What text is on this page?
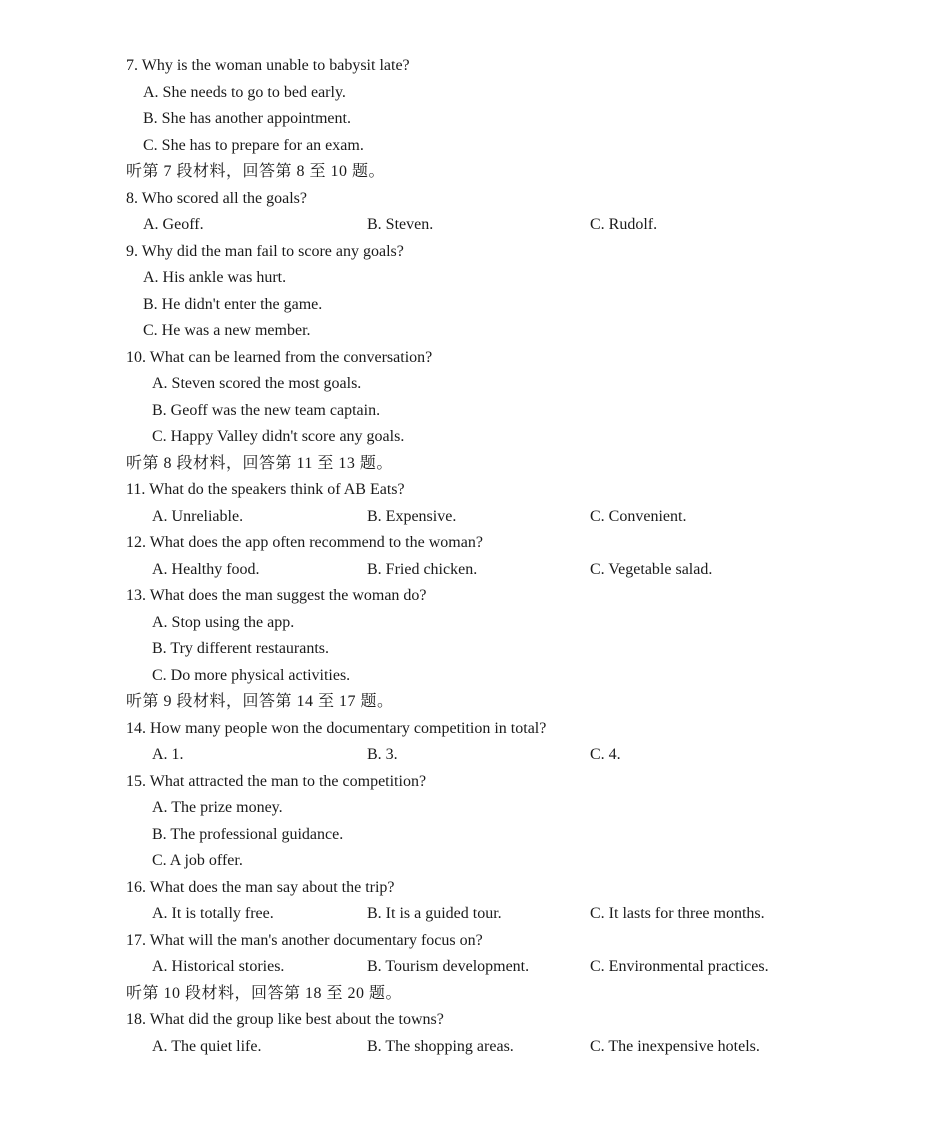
7. Why is the woman unable to babysit late?
A. She needs to go to bed early.
B. She has another appointment.
C. She has to prepare for an exam.
听第 7 段材料，回答第 8 至 10 题。
8. Who scored all the goals?
A. Geoff.	B. Steven.	C. Rudolf.
9. Why did the man fail to score any goals?
A. His ankle was hurt.
B. He didn't enter the game.
C. He was a new member.
10. What can be learned from the conversation?
A. Steven scored the most goals.
B. Geoff was the new team captain.
C. Happy Valley didn't score any goals.
听第 8 段材料，回答第 11 至 13 题。
11. What do the speakers think of AB Eats?
A. Unreliable.	B. Expensive.	C. Convenient.
12. What does the app often recommend to the woman?
A. Healthy food.	B. Fried chicken.	C. Vegetable salad.
13. What does the man suggest the woman do?
A. Stop using the app.
B. Try different restaurants.
C. Do more physical activities.
听第 9 段材料，回答第 14 至 17 题。
14. How many people won the documentary competition in total?
A. 1.	B. 3.	C. 4.
15. What attracted the man to the competition?
A. The prize money.
B. The professional guidance.
C. A job offer.
16. What does the man say about the trip?
A. It is totally free.	B. It is a guided tour.	C. It lasts for three months.
17. What will the man's another documentary focus on?
A. Historical stories.	B. Tourism development.	C. Environmental practices.
听第 10 段材料，回答第 18 至 20 题。
18. What did the group like best about the towns?
A. The quiet life.	B. The shopping areas.	C. The inexpensive hotels.
